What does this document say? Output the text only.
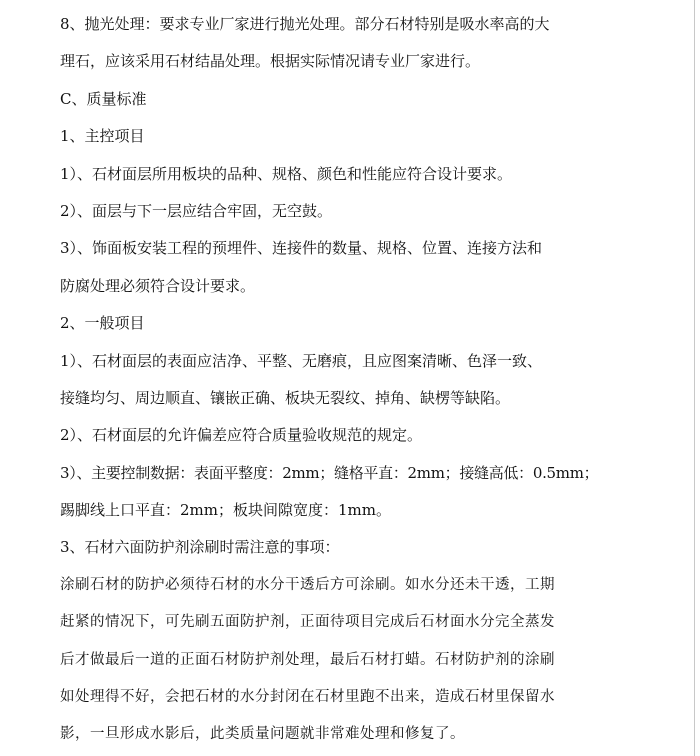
8、抛光处理：要求专业厂家进行抛光处理。部分石材特别是吸水率高的大
理石，应该采用石材结晶处理。根据实际情况请专业厂家进行。
C、质量标准
1、主控项目
1）、石材面层所用板块的品种、规格、颜色和性能应符合设计要求。
2）、面层与下一层应结合牢固，无空鼓。
3）、饰面板安装工程的预埋件、连接件的数量、规格、位置、连接方法和
防腐处理必须符合设计要求。
2、一般项目
1）、石材面层的表面应洁净、平整、无磨痕，且应图案清晰、色泽一致、
接缝均匀、周边顺直、镶嵌正确、板块无裂纹、掉角、缺楞等缺陷。
2）、石材面层的允许偏差应符合质量验收规范的规定。
3）、主要控制数据：表面平整度：2mm；缝格平直：2mm；接缝高低：0.5mm；
踢脚线上口平直：2mm；板块间隙宽度：1mm。
3、石材六面防护剂涂刷时需注意的事项：
涂刷石材的防护必须待石材的水分干透后方可涂刷。如水分还未干透，工期
赶紧的情况下，可先刷五面防护剂，正面待项目完成后石材面水分完全蒸发
后才做最后一道的正面石材防护剂处理，最后石材打蜡。石材防护剂的涂刷
如处理得不好，会把石材的水分封闭在石材里跑不出来，造成石材里保留水
影，一旦形成水影后，此类质量问题就非常难处理和修复了。
